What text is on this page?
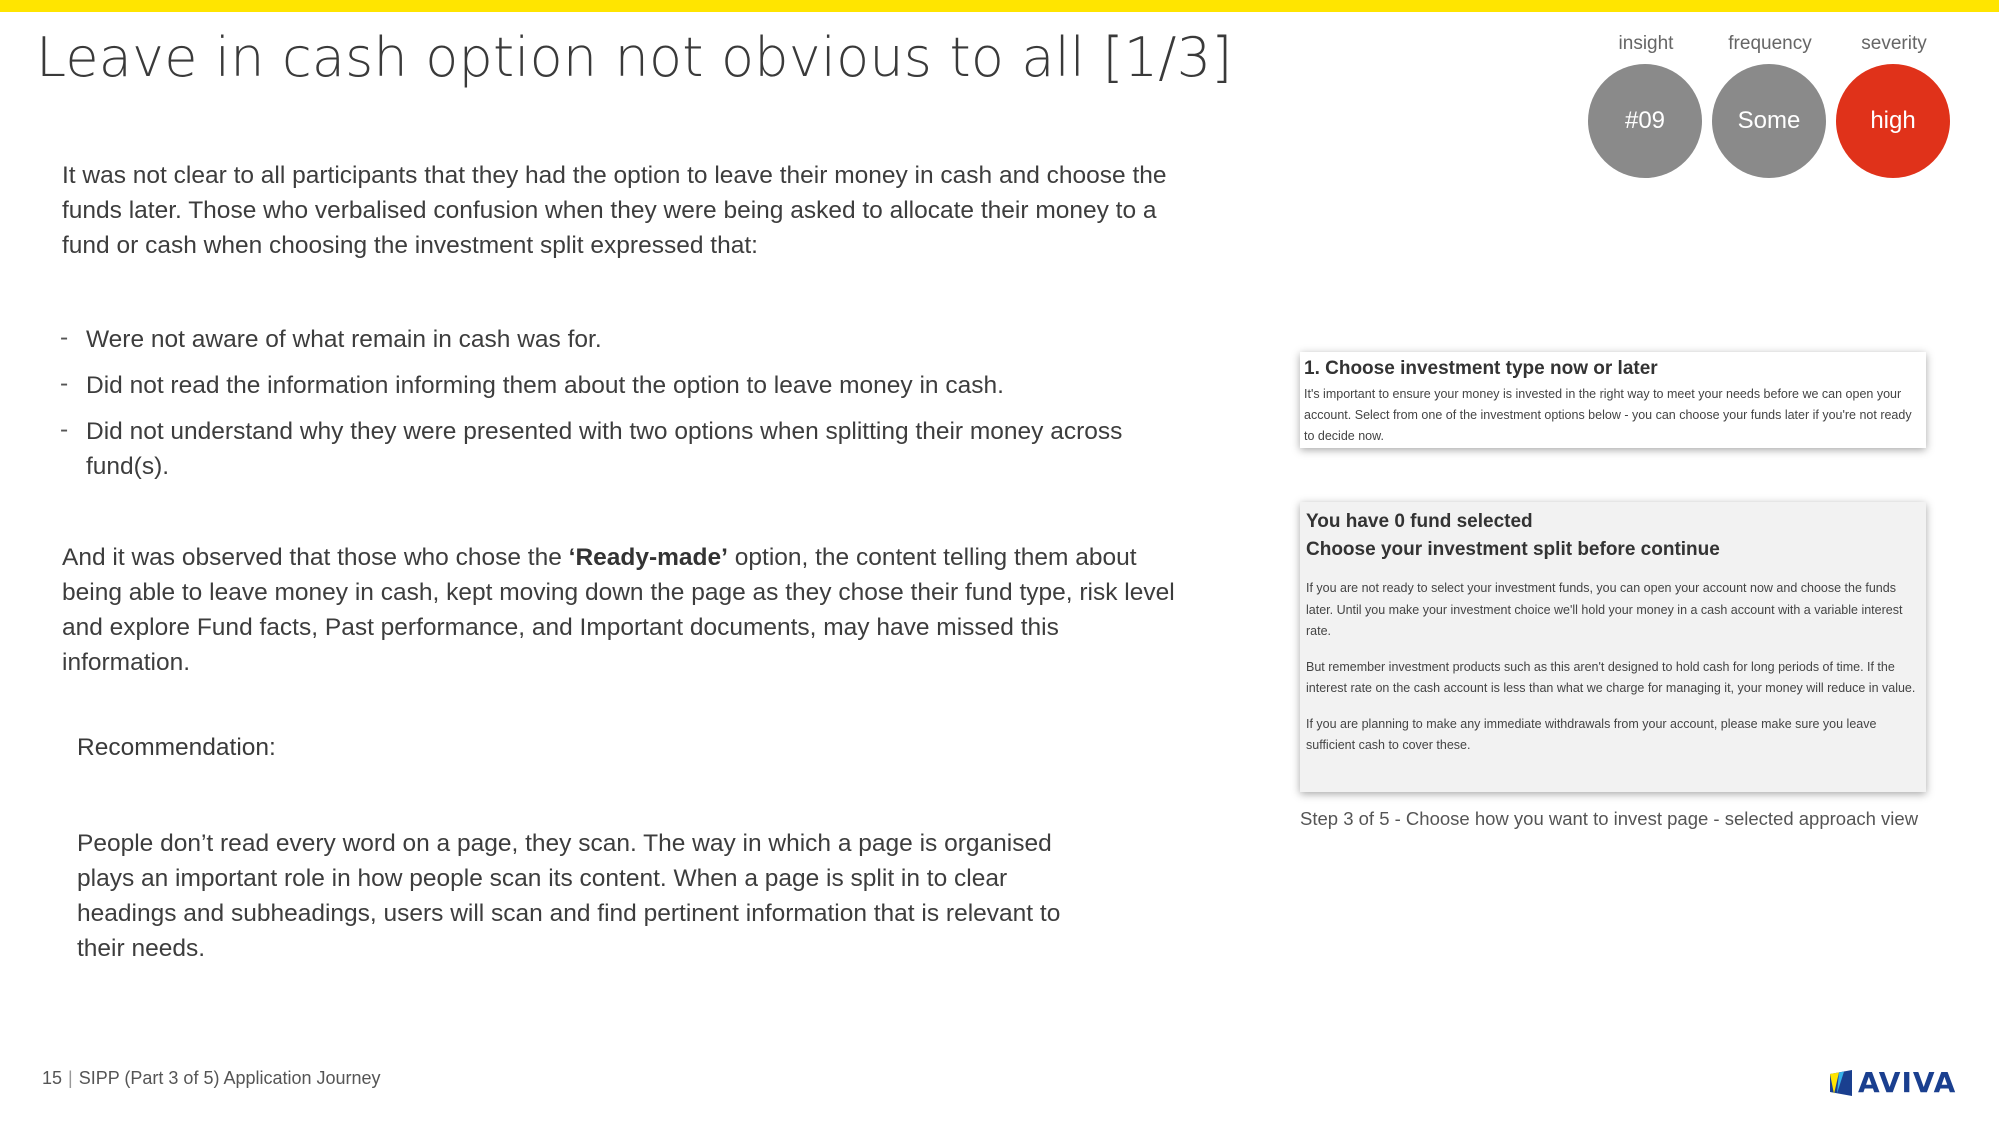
Leave in cash option not obvious to all [1/3]	insight
#09
frequency
Some
severity
high

It was not clear to all participants that they had the option to leave their money in cash and choose the funds later. Those who verbalised confusion when they were being asked to allocate their money to a fund or cash when choosing the investment split expressed that:

- Were not aware of what remain in cash was for.
- Did not read the information informing them about the option to leave money in cash.
- Did not understand why they were presented with two options when splitting their money across fund(s).

And it was observed that those who chose the ‘Ready-made’ option, the content telling them about being able to leave money in cash, kept moving down the page as they chose their fund type, risk level and explore Fund facts, Past performance, and Important documents, may have missed this information.

Recommendation:

People don’t read every word on a page, they scan. The way in which a page is organised plays an important role in how people scan its content. When a page is split in to clear headings and subheadings, users will scan and find pertinent information that is relevant to their needs.

1. Choose investment type now or later

It's important to ensure your money is invested in the right way to meet your needs before we can open your account. Select from one of the investment options below - you can choose your funds later if you're not ready to decide now.

You have 0 fund selected

Choose your investment split before continue

If you are not ready to select your investment funds, you can open your account now and choose the funds later. Until you make your investment choice we'll hold your money in a cash account with a variable interest rate.

But remember investment products such as this aren't designed to hold cash for long periods of time. If the interest rate on the cash account is less than what we charge for managing it, your money will reduce in value.

If you are planning to make any immediate withdrawals from your account, please make sure you leave sufficient cash to cover these.

Step 3 of 5 - Choose how you want to invest page - selected approach view

15 | SIPP (Part 3 of 5) Application Journey	AVIVA
